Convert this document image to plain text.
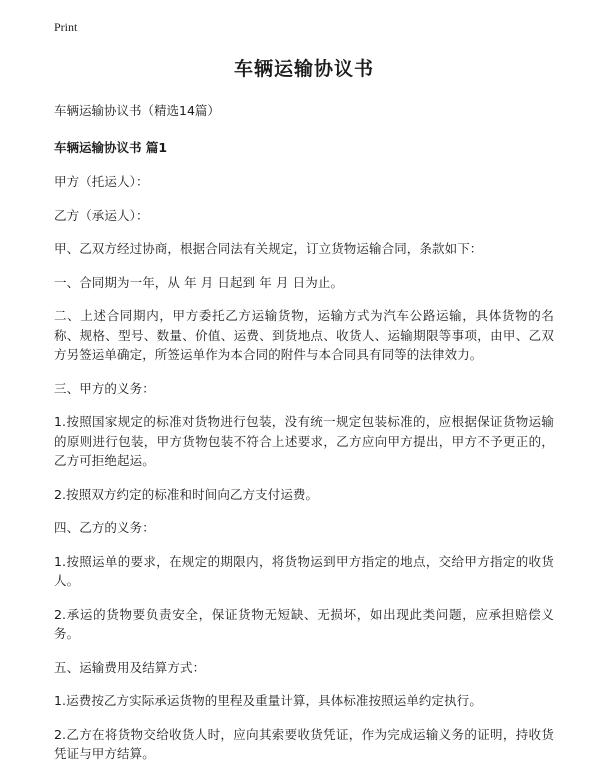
Print
车辆运输协议书
车辆运输协议书（精选14篇）
车辆运输协议书 篇1

甲方（托运人）：

乙方（承运人）：

甲、乙双方经过协商，根据合同法有关规定，订立货物运输合同，条款如下：

一、合同期为一年，从 年 月 日起到 年 月 日为止。

二、上述合同期内，甲方委托乙方运输货物，运输方式为汽车公路运输，具体货物的名称、规格、型号、数量、价值、运费、到货地点、收货人、运输期限等事项，由甲、乙双方另签运单确定，所签运单作为本合同的附件与本合同具有同等的法律效力。

三、甲方的义务：

1.按照国家规定的标准对货物进行包装，没有统一规定包装标准的，应根据保证货物运输的原则进行包装，甲方货物包装不符合上述要求，乙方应向甲方提出，甲方不予更正的，乙方可拒绝起运。

2.按照双方约定的标准和时间向乙方支付运费。

四、乙方的义务：

1.按照运单的要求，在规定的期限内，将货物运到甲方指定的地点，交给甲方指定的收货人。

2.承运的货物要负责安全，保证货物无短缺、无损坏，如出现此类问题，应承担赔偿义务。

五、运输费用及结算方式：

1.运费按乙方实际承运货物的里程及重量计算，具体标准按照运单约定执行。

2.乙方在将货物交给收货人时，应向其索要收货凭证，作为完成运输义务的证明，持收货凭证与甲方结算。
